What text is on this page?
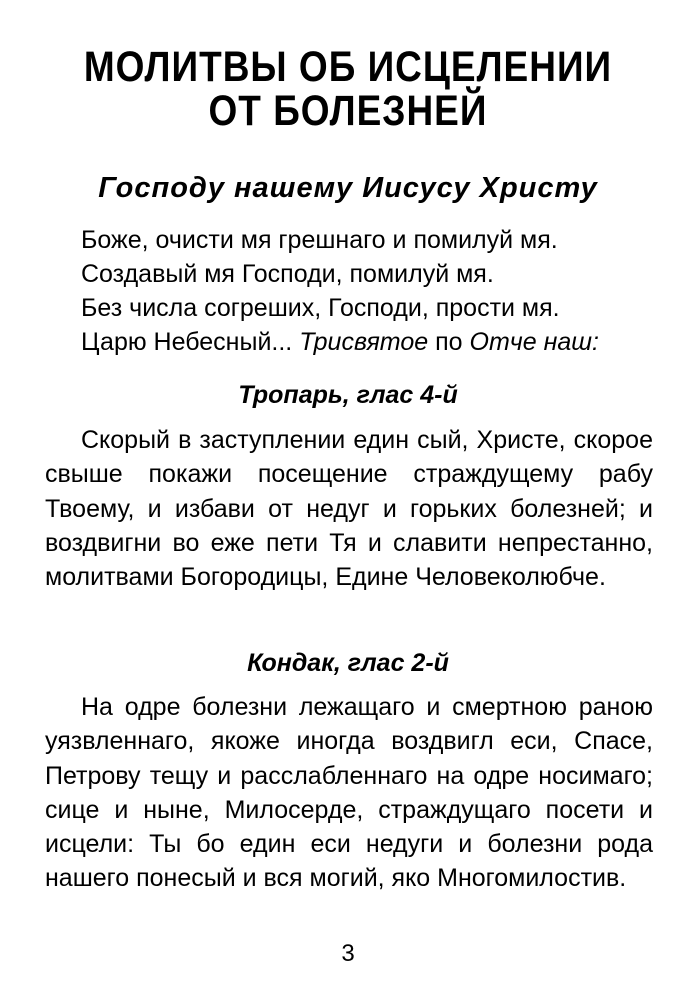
МОЛИТВЫ ОБ ИСЦЕЛЕНИИ
ОТ БОЛЕЗНЕЙ
Господу нашему Иисусу Христу

Боже, очисти мя грешнаго и помилуй мя.

Создавый мя Господи, помилуй мя.

Без числа согреших, Господи, прости мя.

Царю Небесный... Трисвятое по Отче наш:

Тропарь, глас 4-й

Скорый в заступлении един сый, Христе, скорое свыше покажи посещение страждущему рабу Твоему, и избави от недуг и горьких болезней; и воздвигни во еже пети Тя и славити непрестанно, молитвами Богородицы, Едине Человеколюбче.

Кондак, глас 2-й

На одре болезни лежащаго и смертною раною уязвленнаго, якоже иногда воздвигл еси, Спасе, Петрову тещу и расслабленнаго на одре носимаго; сице и ныне, Милосерде, страждущаго посети и исцели: Ты бо един еси недуги и болезни рода нашего понесый и вся могий, яко Многомилостив.

3
